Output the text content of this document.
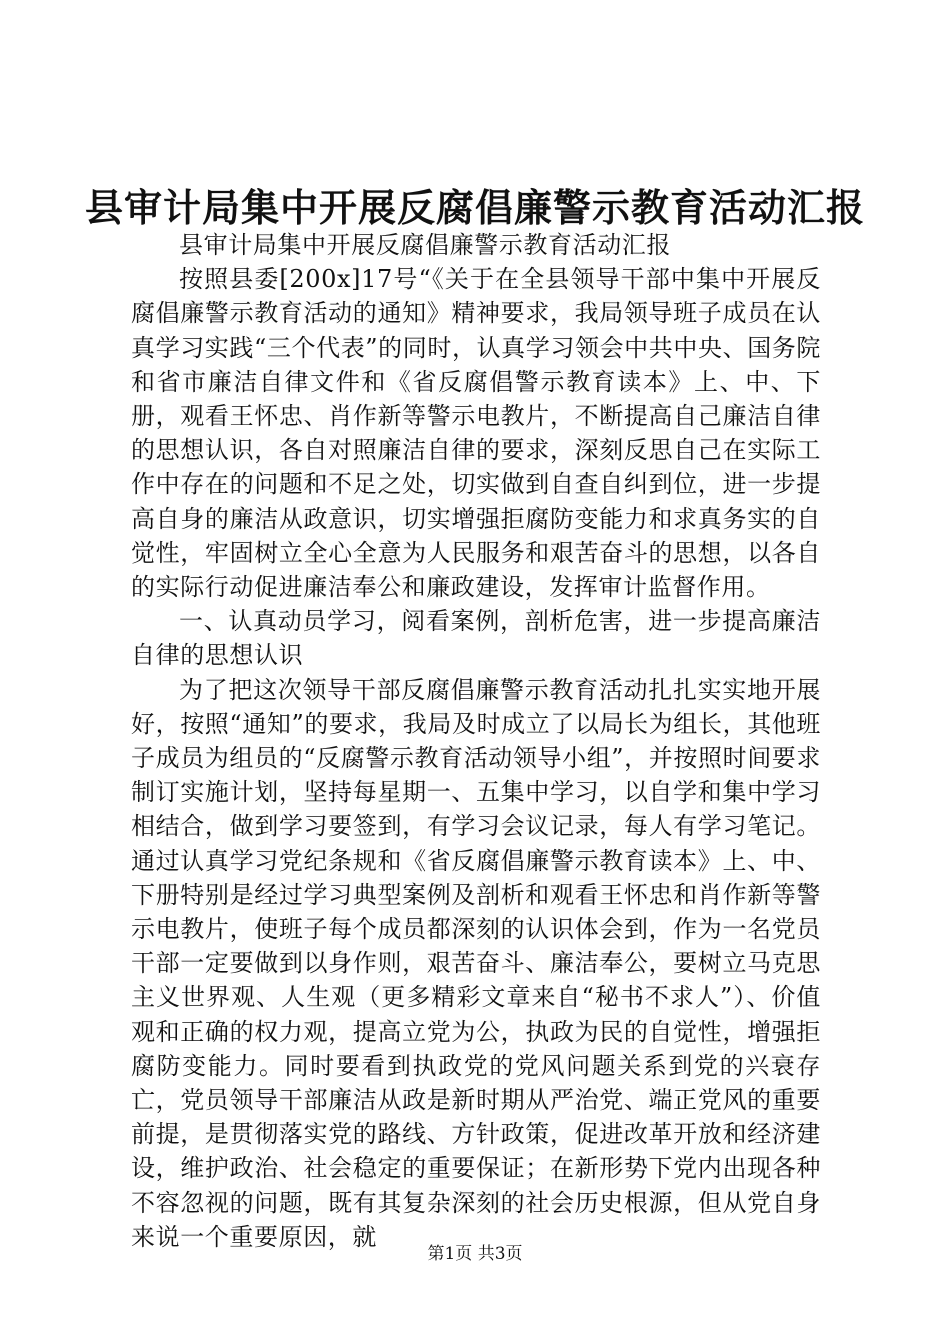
县审计局集中开展反腐倡廉警示教育活动汇报

县审计局集中开展反腐倡廉警示教育活动汇报

按照县委[200x]17号“《关于在全县领导干部中集中开展反腐倡廉警示教育活动的通知》精神要求，我局领导班子成员在认真学习实践“三个代表”的同时，认真学习领会中共中央、国务院和省市廉洁自律文件和《省反腐倡警示教育读本》上、中、下册，观看王怀忠、肖作新等警示电教片，不断提高自己廉洁自律的思想认识，各自对照廉洁自律的要求，深刻反思自己在实际工作中存在的问题和不足之处，切实做到自查自纠到位，进一步提高自身的廉洁从政意识，切实增强拒腐防变能力和求真务实的自觉性，牢固树立全心全意为人民服务和艰苦奋斗的思想，以各自的实际行动促进廉洁奉公和廉政建设，发挥审计监督作用。

一、认真动员学习，阅看案例，剖析危害，进一步提高廉洁自律的思想认识

为了把这次领导干部反腐倡廉警示教育活动扎扎实实地开展好，按照“通知”的要求，我局及时成立了以局长为组长，其他班子成员为组员的“反腐警示教育活动领导小组”，并按照时间要求制订实施计划，坚持每星期一、五集中学习，以自学和集中学习相结合，做到学习要签到，有学习会议记录，每人有学习笔记。通过认真学习党纪条规和《省反腐倡廉警示教育读本》上、中、下册特别是经过学习典型案例及剖析和观看王怀忠和肖作新等警示电教片，使班子每个成员都深刻的认识体会到，作为一名党员干部一定要做到以身作则，艰苦奋斗、廉洁奉公，要树立马克思主义世界观、人生观（更多精彩文章来自“秘书不求人”）、价值观和正确的权力观，提高立党为公，执政为民的自觉性，增强拒腐防变能力。同时要看到执政党的党风问题关系到党的兴衰存亡，党员领导干部廉洁从政是新时期从严治党、端正党风的重要前提，是贯彻落实党的路线、方针政策，促进改革开放和经济建设，维护政治、社会稳定的重要保证；在新形势下党内出现各种不容忽视的问题，既有其复杂深刻的社会历史根源，但从党自身来说一个重要原因，就

第1页 共3页
